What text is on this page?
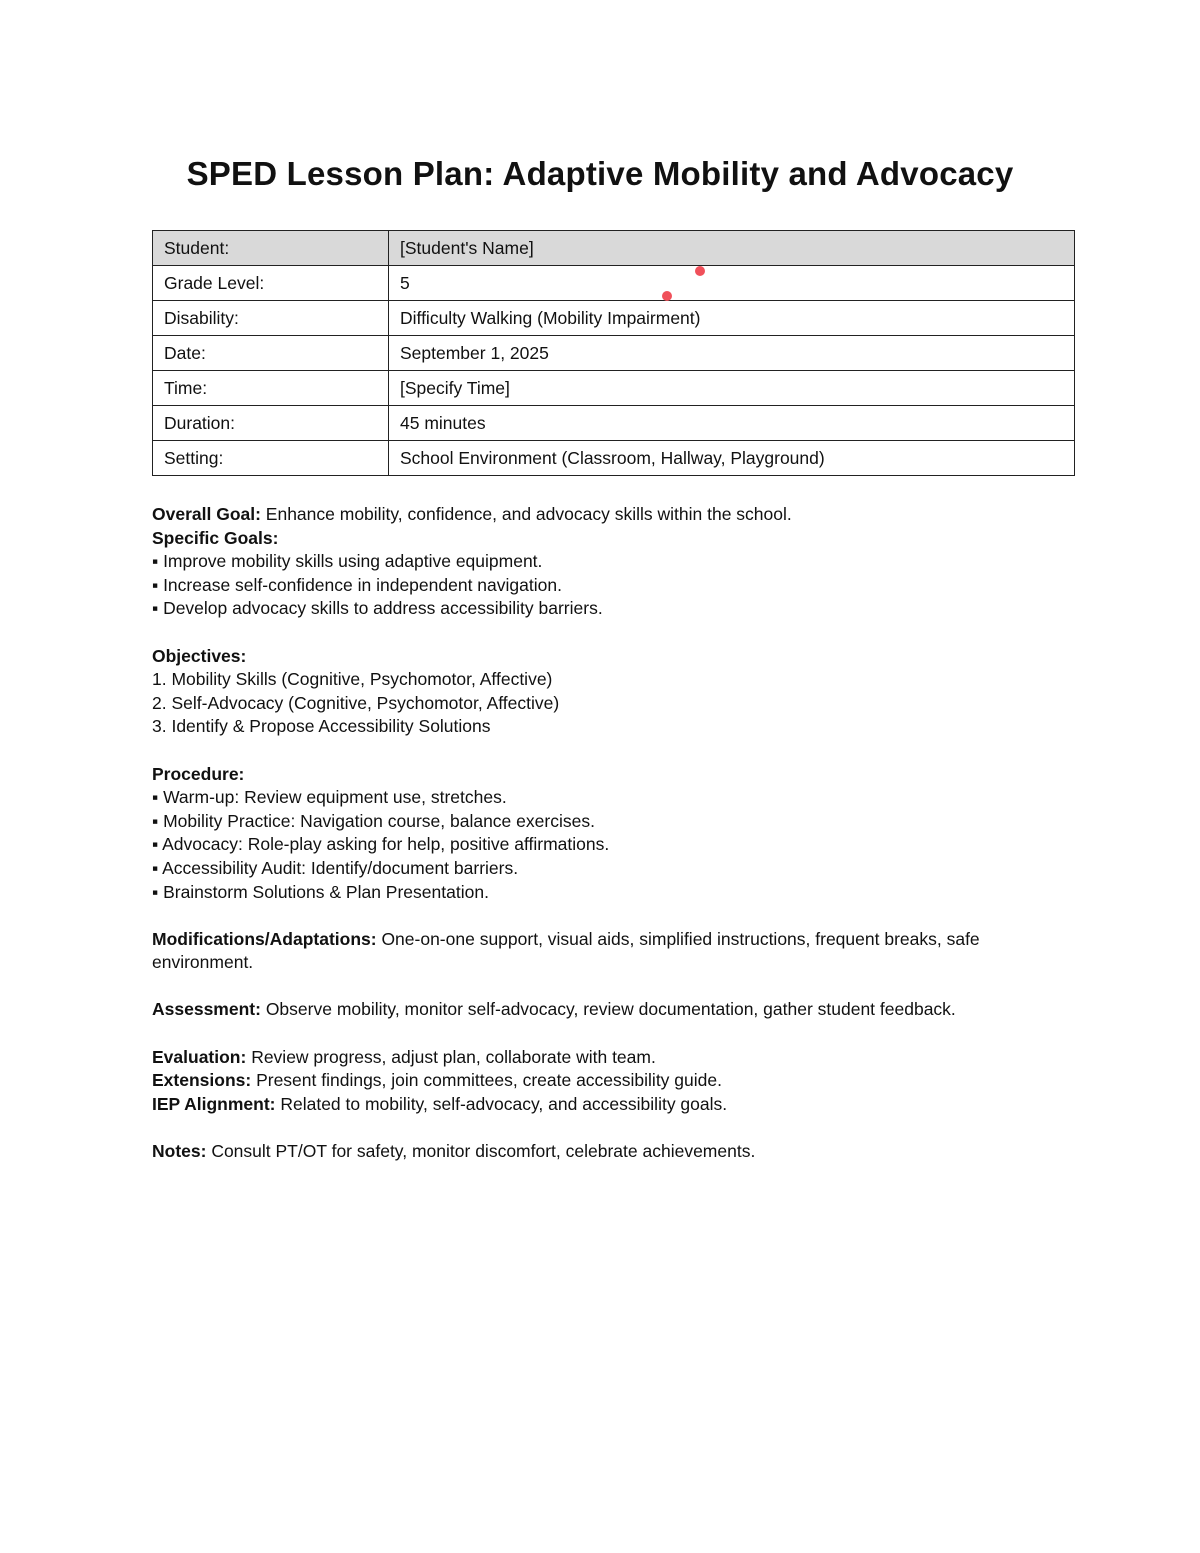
SPED Lesson Plan: Adaptive Mobility and Advocacy
Student:	[Student's Name]
Grade Level:	5
Disability:	Difficulty Walking (Mobility Impairment)
Date:	September 1, 2025
Time:	[Specify Time]
Duration:	45 minutes
Setting:	School Environment (Classroom, Hallway, Playground)

Overall Goal: Enhance mobility, confidence, and advocacy skills within the school.

Specific Goals:

▪ Improve mobility skills using adaptive equipment.

▪ Increase self-confidence in independent navigation.

▪ Develop advocacy skills to address accessibility barriers.

Objectives:

1. Mobility Skills (Cognitive, Psychomotor, Affective)

2. Self-Advocacy (Cognitive, Psychomotor, Affective)

3. Identify & Propose Accessibility Solutions

Procedure:

▪ Warm-up: Review equipment use, stretches.

▪ Mobility Practice: Navigation course, balance exercises.

▪ Advocacy: Role-play asking for help, positive affirmations.

▪ Accessibility Audit: Identify/document barriers.

▪ Brainstorm Solutions & Plan Presentation.

Modifications/Adaptations: One-on-one support, visual aids, simplified instructions, frequent breaks, safe environment.

Assessment: Observe mobility, monitor self-advocacy, review documentation, gather student feedback.

Evaluation: Review progress, adjust plan, collaborate with team.

Extensions: Present findings, join committees, create accessibility guide.

IEP Alignment: Related to mobility, self-advocacy, and accessibility goals.

Notes: Consult PT/OT for safety, monitor discomfort, celebrate achievements.
